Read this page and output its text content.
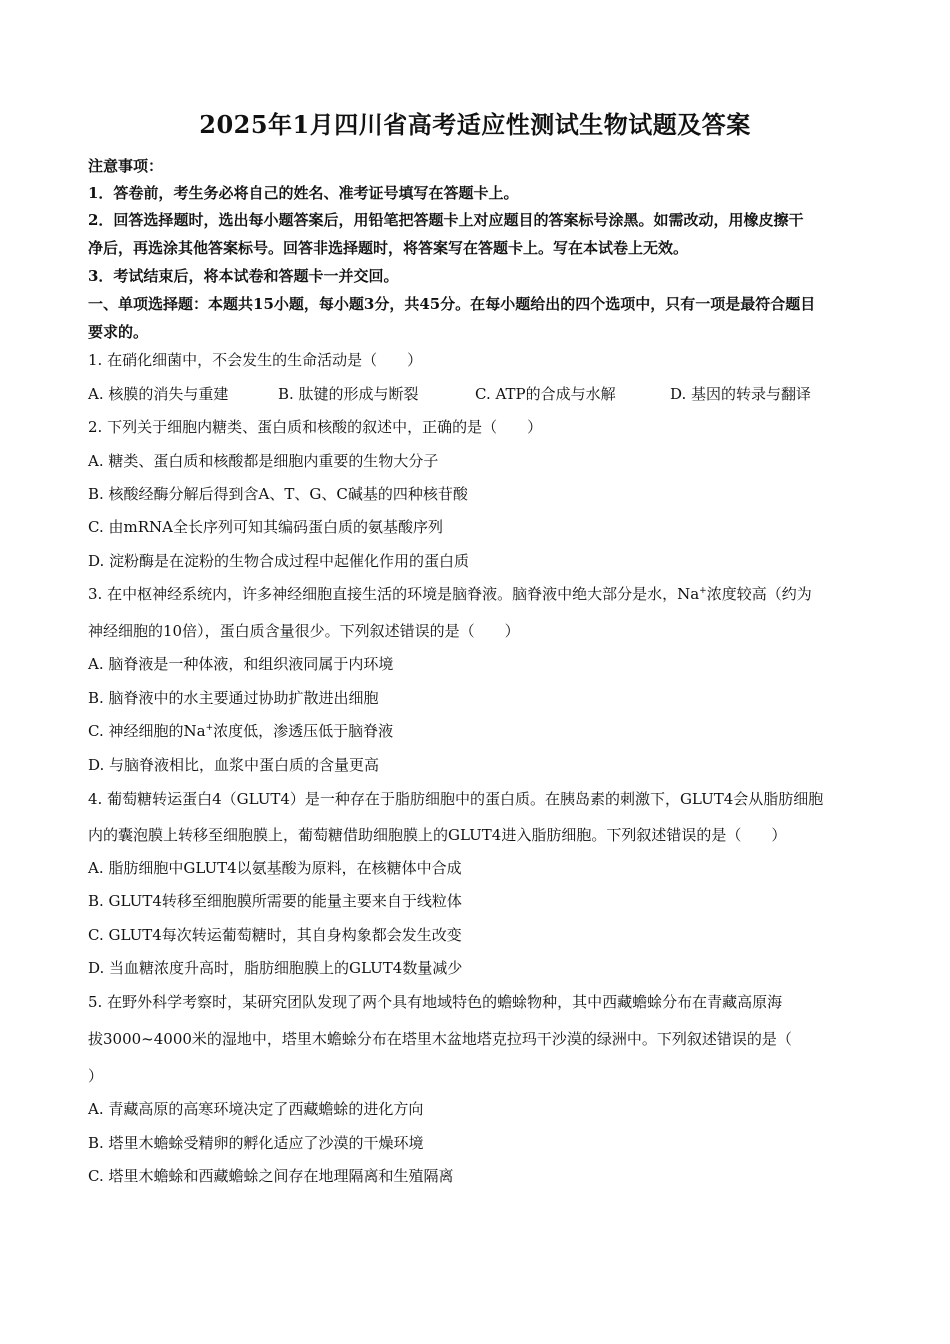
2025年1月四川省高考适应性测试生物试题及答案
注意事项：
1．答卷前，考生务必将自己的姓名、准考证号填写在答题卡上。
2．回答选择题时，选出每小题答案后，用铅笔把答题卡上对应题目的答案标号涂黑。如需改动，用橡皮擦干
净后，再选涂其他答案标号。回答非选择题时，将答案写在答题卡上。写在本试卷上无效。
3．考试结束后，将本试卷和答题卡一并交回。
一、单项选择题：本题共15小题，每小题3分，共45分。在每小题给出的四个选项中，只有一项是最符合题目
要求的。
1. 在硝化细菌中，不会发生的生命活动是（　　）
A. 核膜的消失与重建	B. 肽键的形成与断裂	C. ATP的合成与水解	D. 基因的转录与翻译
2. 下列关于细胞内糖类、蛋白质和核酸的叙述中，正确的是（　　）
A. 糖类、蛋白质和核酸都是细胞内重要的生物大分子
B. 核酸经酶分解后得到含A、T、G、C碱基的四种核苷酸
C. 由mRNA全长序列可知其编码蛋白质的氨基酸序列
D. 淀粉酶是在淀粉的生物合成过程中起催化作用的蛋白质
3. 在中枢神经系统内，许多神经细胞直接生活的环境是脑脊液。脑脊液中绝大部分是水，Na+浓度较高（约为
神经细胞的10倍），蛋白质含量很少。下列叙述错误的是（　　）
A. 脑脊液是一种体液，和组织液同属于内环境
B. 脑脊液中的水主要通过协助扩散进出细胞
C. 神经细胞的Na+浓度低，渗透压低于脑脊液
D. 与脑脊液相比，血浆中蛋白质的含量更高
4. 葡萄糖转运蛋白4（GLUT4）是一种存在于脂肪细胞中的蛋白质。在胰岛素的刺激下，GLUT4会从脂肪细胞
内的囊泡膜上转移至细胞膜上，葡萄糖借助细胞膜上的GLUT4进入脂肪细胞。下列叙述错误的是（　　）
A. 脂肪细胞中GLUT4以氨基酸为原料，在核糖体中合成
B. GLUT4转移至细胞膜所需要的能量主要来自于线粒体
C. GLUT4每次转运葡萄糖时，其自身构象都会发生改变
D. 当血糖浓度升高时，脂肪细胞膜上的GLUT4数量减少
5. 在野外科学考察时，某研究团队发现了两个具有地域特色的蟾蜍物种，其中西藏蟾蜍分布在青藏高原海
拔3000~4000米的湿地中，塔里木蟾蜍分布在塔里木盆地塔克拉玛干沙漠的绿洲中。下列叙述错误的是（
）
A. 青藏高原的高寒环境决定了西藏蟾蜍的进化方向
B. 塔里木蟾蜍受精卵的孵化适应了沙漠的干燥环境
C. 塔里木蟾蜍和西藏蟾蜍之间存在地理隔离和生殖隔离
